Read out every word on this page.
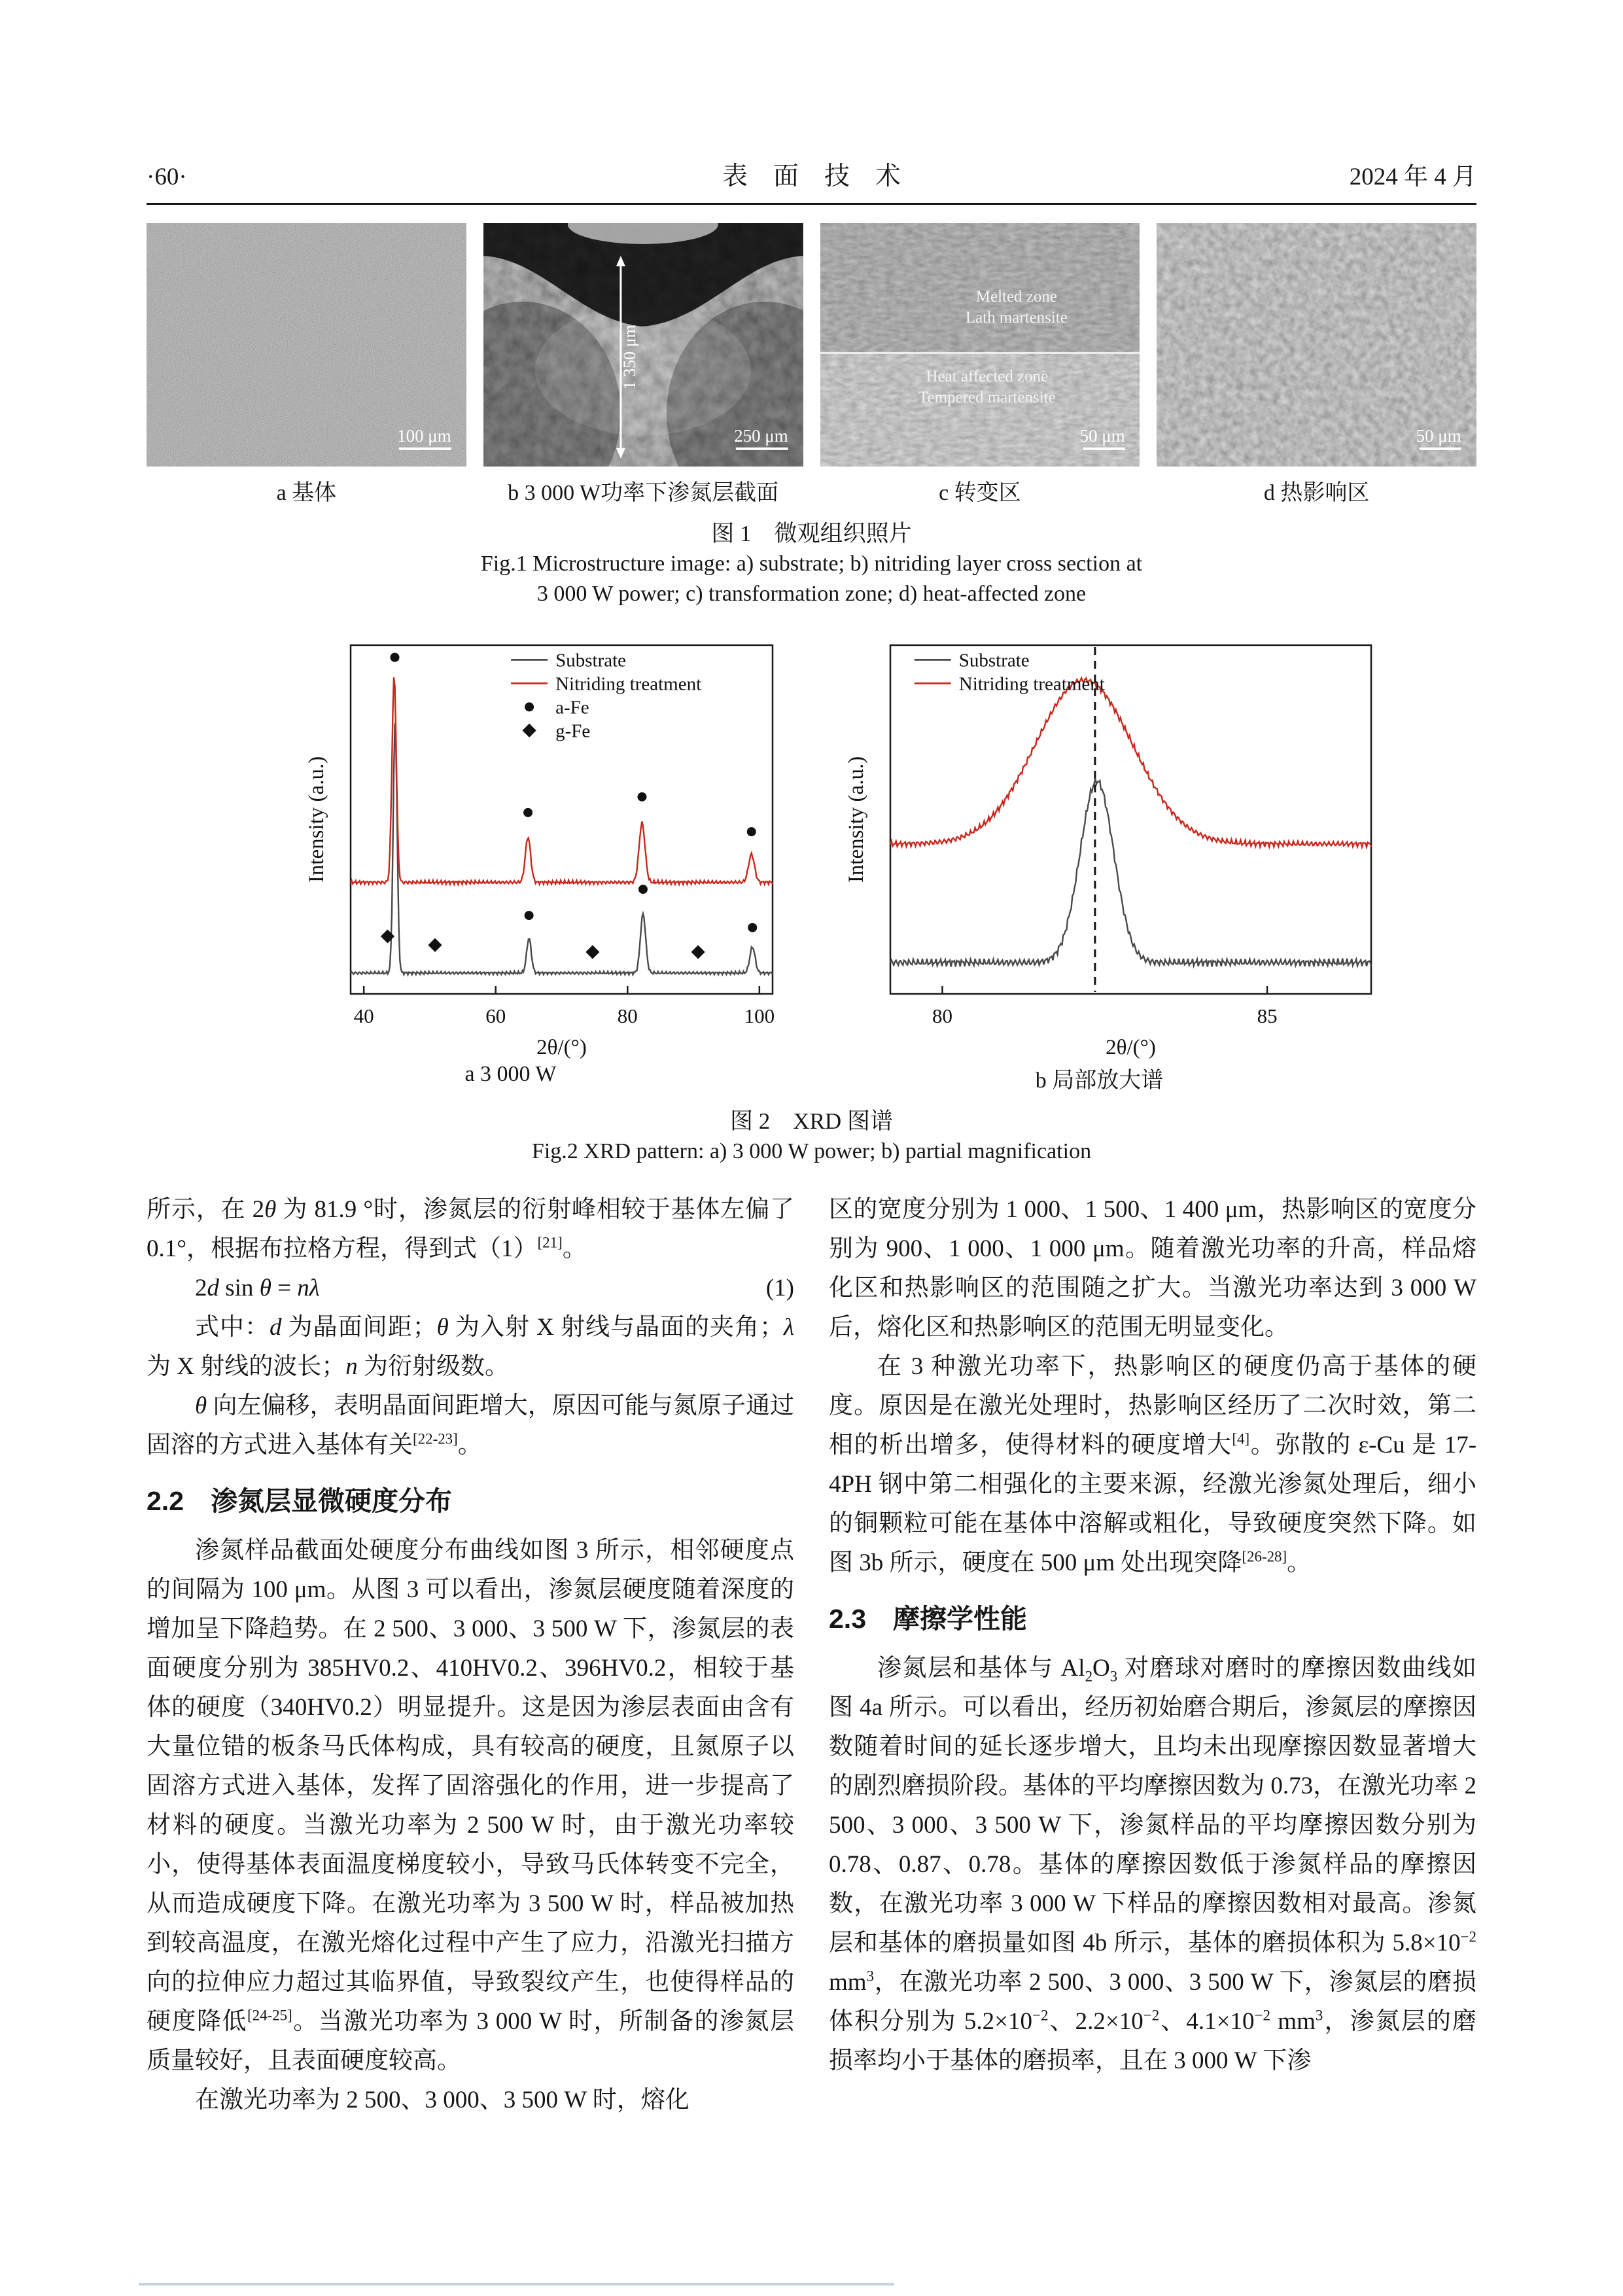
·60·	表　面　技　术	2024 年 4 月
100 μm
a 基体
1 350 μm
250 μm
b 3 000 W功率下渗氮层截面
Melted zone
Lath martensite
Heat affected zone
Tempered martensite
50 μm
c 转变区
50 μm
d 热影响区
图 1　微观组织照片
Fig.1 Microstructure image: a) substrate; b) nitriding layer cross section at
3 000 W power; c) transformation zone; d) heat-affected zone
40	60	80	100
2θ/(°)
Intensity (a.u.)
Substrate
Nitriding treatment
a-Fe
g-Fe
a 3 000 W
80	85
2θ/(°)
Intensity (a.u.)
Substrate
Nitriding treatment
b 局部放大谱
图 2　XRD 图谱
Fig.2 XRD pattern: a) 3 000 W power; b) partial magnification

所示，在 2θ 为 81.9 °时，渗氮层的衍射峰相较于基体左偏了 0.1°，根据布拉格方程，得到式（1）[21]。

2d sin θ = nλ	(1)

式中：d 为晶面间距；θ 为入射 X 射线与晶面的夹角；λ 为 X 射线的波长；n 为衍射级数。

θ 向左偏移，表明晶面间距增大，原因可能与氮原子通过固溶的方式进入基体有关[22-23]。

2.2　渗氮层显微硬度分布

渗氮样品截面处硬度分布曲线如图 3 所示，相邻硬度点的间隔为 100 μm。从图 3 可以看出，渗氮层硬度随着深度的增加呈下降趋势。在 2 500、3 000、3 500 W 下，渗氮层的表面硬度分别为 385HV0.2、410HV0.2、396HV0.2，相较于基体的硬度（340HV0.2）明显提升。这是因为渗层表面由含有大量位错的板条马氏体构成，具有较高的硬度，且氮原子以固溶方式进入基体，发挥了固溶强化的作用，进一步提高了材料的硬度。当激光功率为 2 500 W 时，由于激光功率较小，使得基体表面温度梯度较小，导致马氏体转变不完全，从而造成硬度下降。在激光功率为 3 500 W 时，样品被加热到较高温度，在激光熔化过程中产生了应力，沿激光扫描方向的拉伸应力超过其临界值，导致裂纹产生，也使得样品的硬度降低[24-25]。当激光功率为 3 000 W 时，所制备的渗氮层质量较好，且表面硬度较高。

在激光功率为 2 500、3 000、3 500 W 时，熔化

区的宽度分别为 1 000、1 500、1 400 μm，热影响区的宽度分别为 900、1 000、1 000 μm。随着激光功率的升高，样品熔化区和热影响区的范围随之扩大。当激光功率达到 3 000 W 后，熔化区和热影响区的范围无明显变化。

在 3 种激光功率下，热影响区的硬度仍高于基体的硬度。原因是在激光处理时，热影响区经历了二次时效，第二相的析出增多，使得材料的硬度增大[4]。弥散的 ε-Cu 是 17-4PH 钢中第二相强化的主要来源，经激光渗氮处理后，细小的铜颗粒可能在基体中溶解或粗化，导致硬度突然下降。如图 3b 所示，硬度在 500 μm 处出现突降[26-28]。

2.3　摩擦学性能

渗氮层和基体与 $Al_2O_3$ 对磨球对磨时的摩擦因数曲线如图 4a 所示。可以看出，经历初始磨合期后，渗氮层的摩擦因数随着时间的延长逐步增大，且均未出现摩擦因数显著增大的剧烈磨损阶段。基体的平均摩擦因数为 0.73，在激光功率 2 500、3 000、3 500 W 下，渗氮样品的平均摩擦因数分别为 0.78、0.87、0.78。基体的摩擦因数低于渗氮样品的摩擦因数，在激光功率 3 000 W 下样品的摩擦因数相对最高。渗氮层和基体的磨损量如图 4b 所示，基体的磨损体积为 $5.8\times 10^{-2}$ $mm^3$，在激光功率 2 500、3 000、3 500 W 下，渗氮层的磨损体积分别为 $5.2\times 10^{-2}$、$2.2\times 10^{-2}$、$4.1\times 10^{-2}$ $mm^3$，渗氮层的磨损率均小于基体的磨损率，且在 3 000 W 下渗
